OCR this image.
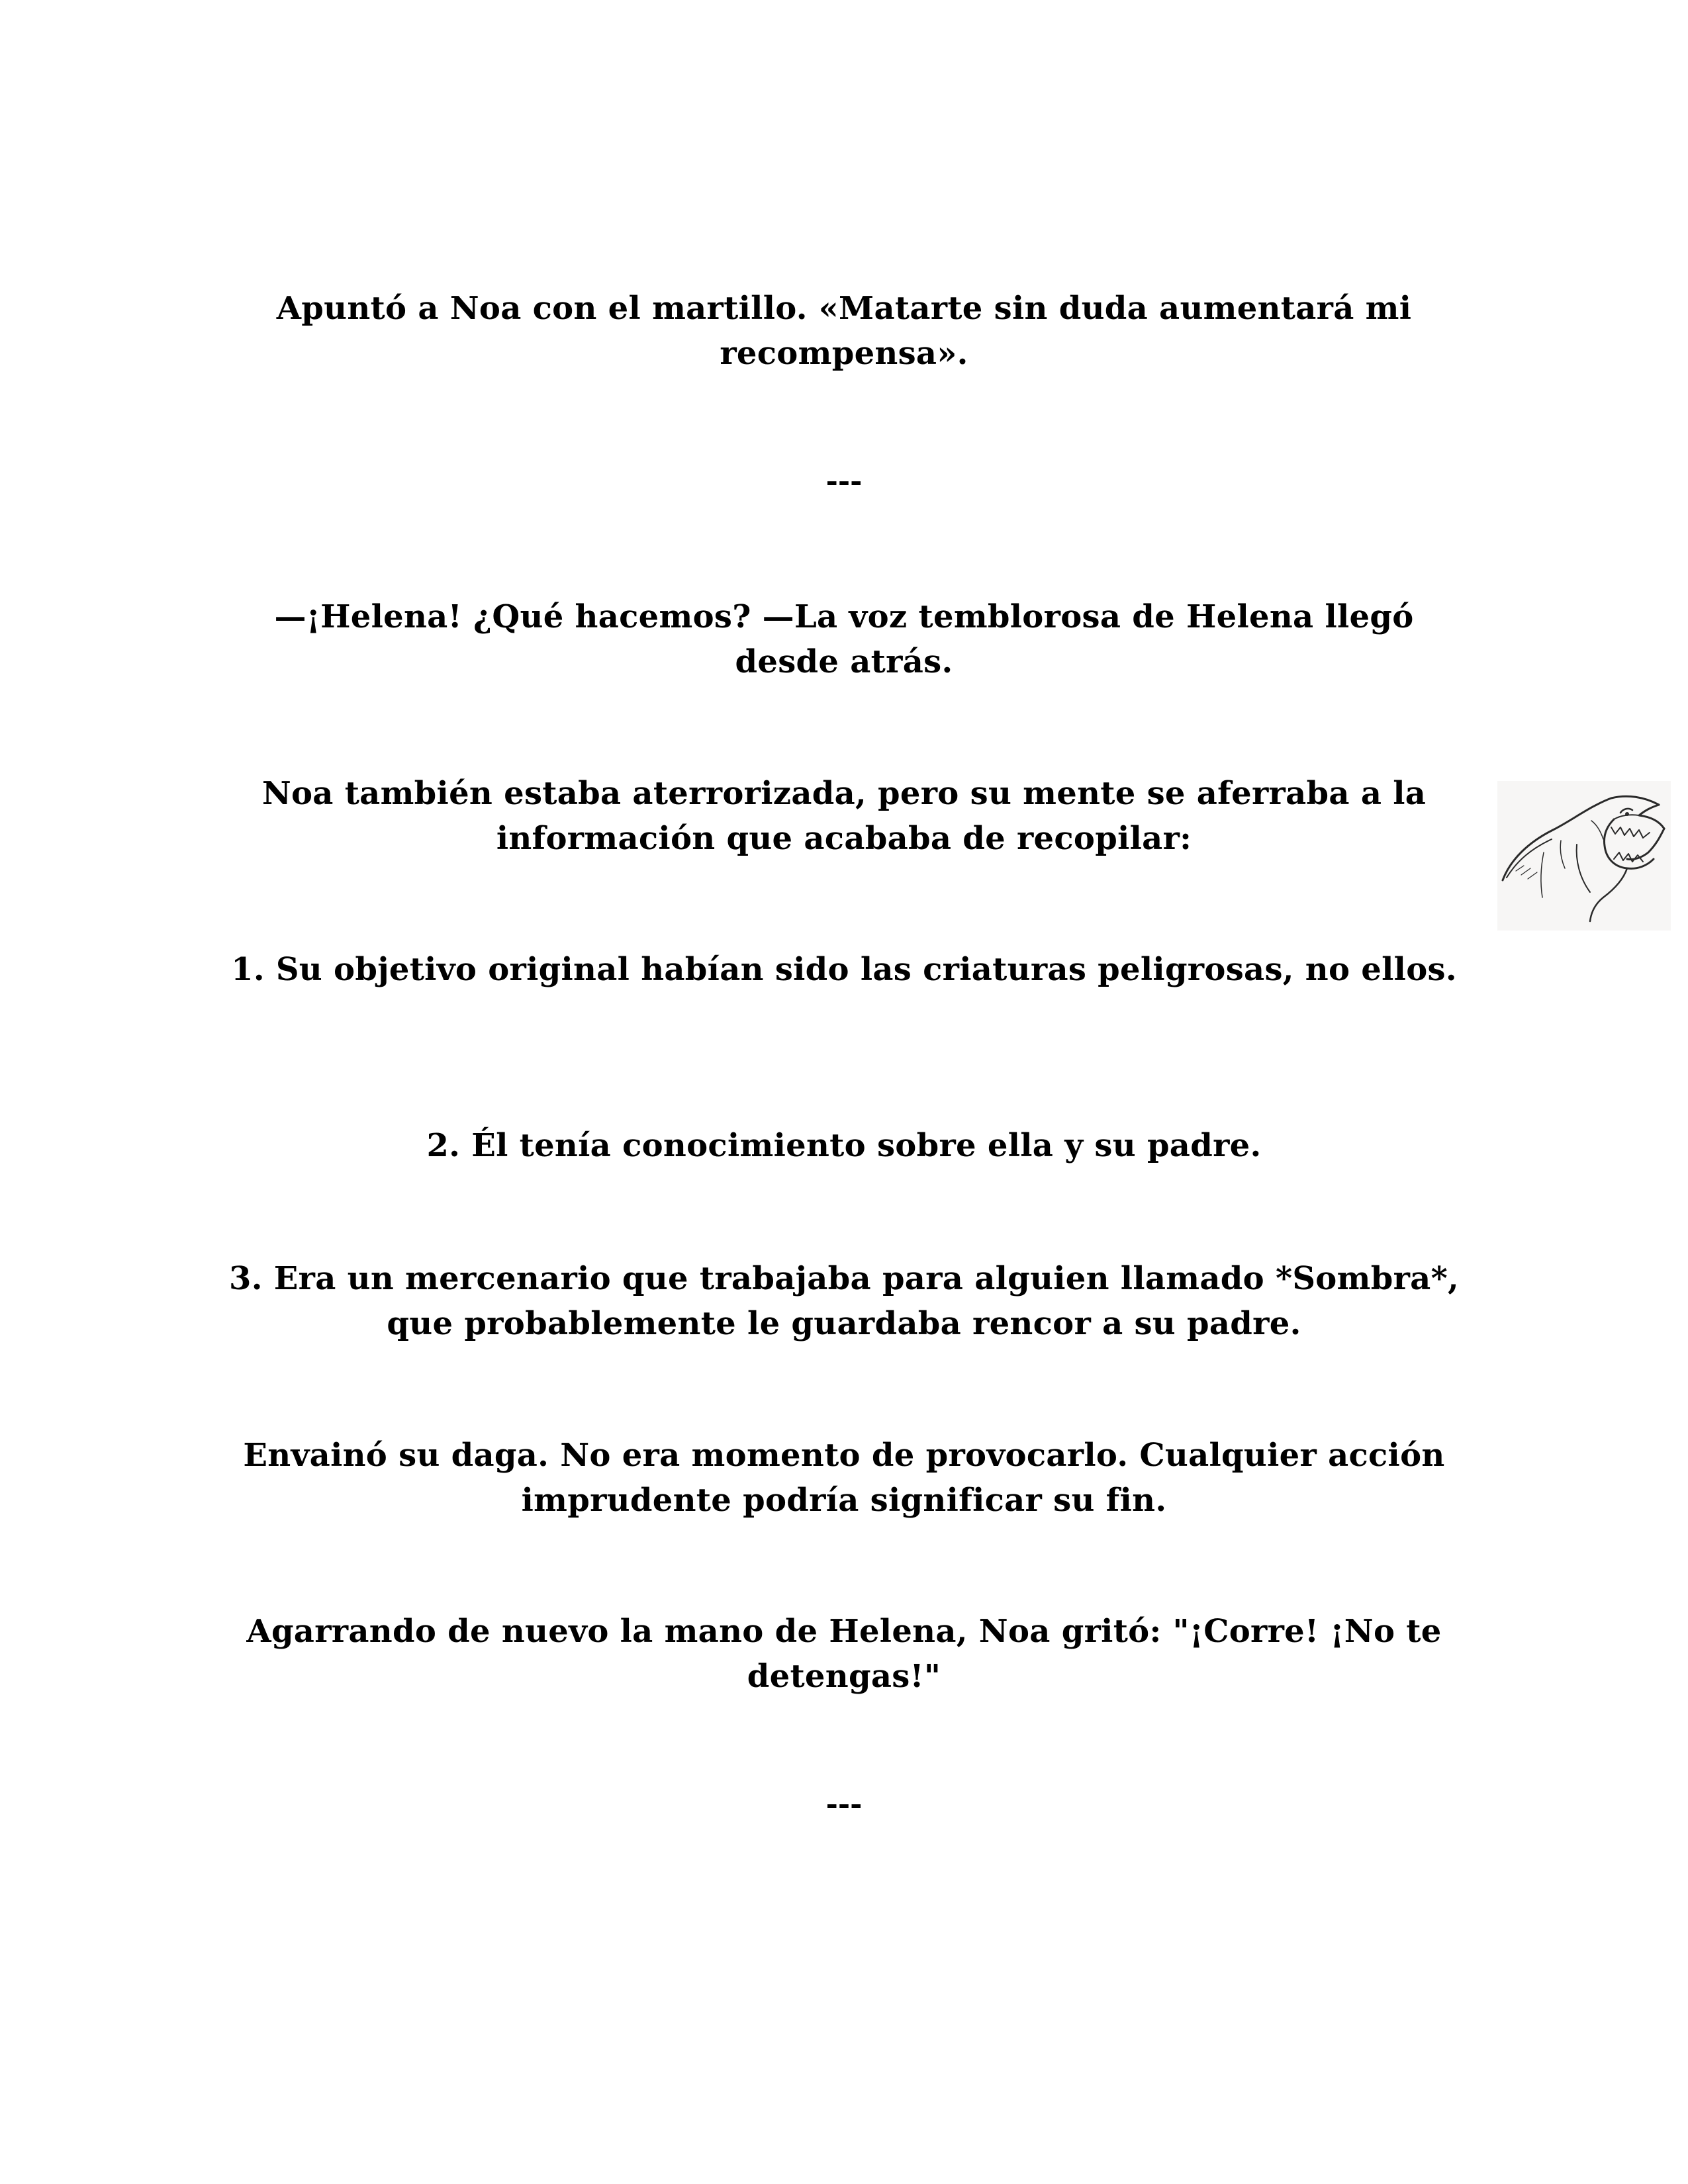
Apuntó a Noa con el martillo. «Matarte sin duda aumentará mi recompensa».

---

—¡Helena! ¿Qué hacemos? —La voz temblorosa de Helena llegó desde atrás.

Noa también estaba aterrorizada, pero su mente se aferraba a la información que acababa de recopilar:

1. Su objetivo original habían sido las criaturas peligrosas, no ellos.

2. Él tenía conocimiento sobre ella y su padre.

3. Era un mercenario que trabajaba para alguien llamado *Sombra*, que probablemente le guardaba rencor a su padre.

Envainó su daga. No era momento de provocarlo. Cualquier acción imprudente podría significar su fin.

Agarrando de nuevo la mano de Helena, Noa gritó: "¡Corre! ¡No te detengas!"

---
